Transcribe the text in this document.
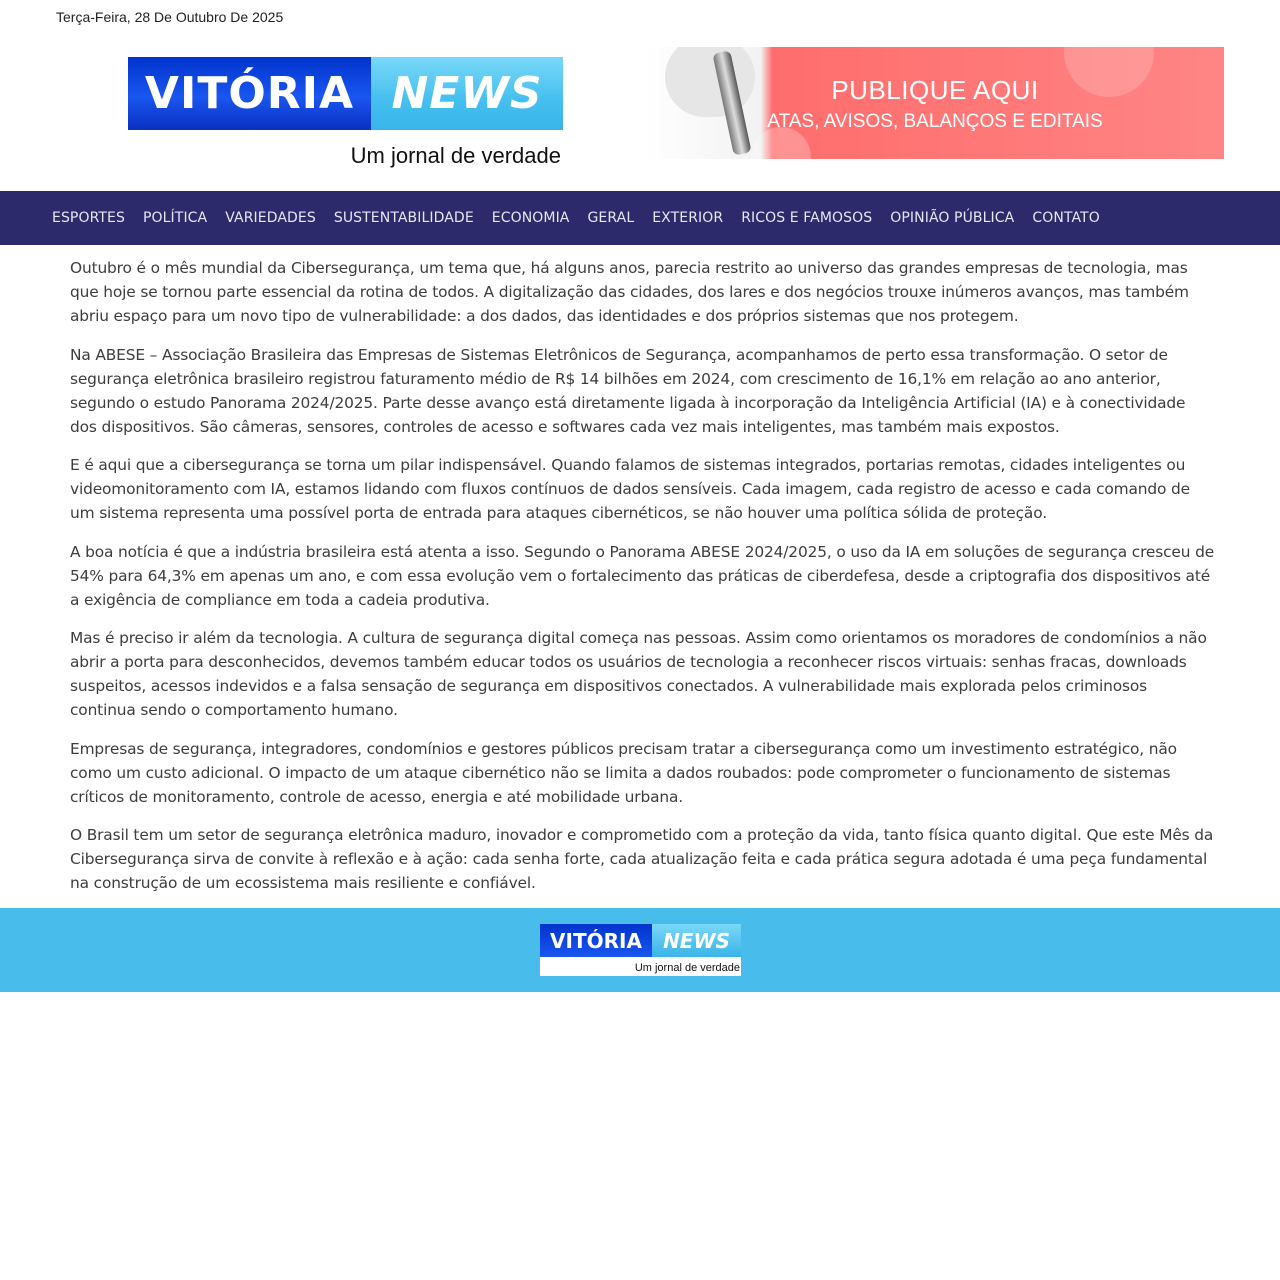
Terça-Feira, 28 De Outubro De 2025
VITÓRIA NEWS
Um jornal de verdade
PUBLIQUE AQUI
ATAS, AVISOS, BALANÇOS E EDITAIS
ESPORTES POLÍTICA VARIEDADES SUSTENTABILIDADE ECONOMIA GERAL EXTERIOR RICOS E FAMOSOS OPINIÃO PÚBLICA CONTATO

Outubro é o mês mundial da Cibersegurança, um tema que, há alguns anos, parecia restrito ao universo das grandes empresas de tecnologia, mas que hoje se tornou parte essencial da rotina de todos. A digitalização das cidades, dos lares e dos negócios trouxe inúmeros avanços, mas também abriu espaço para um novo tipo de vulnerabilidade: a dos dados, das identidades e dos próprios sistemas que nos protegem.

Na ABESE – Associação Brasileira das Empresas de Sistemas Eletrônicos de Segurança, acompanhamos de perto essa transformação. O setor de segurança eletrônica brasileiro registrou faturamento médio de R$ 14 bilhões em 2024, com crescimento de 16,1% em relação ao ano anterior, segundo o estudo Panorama 2024/2025. Parte desse avanço está diretamente ligada à incorporação da Inteligência Artificial (IA) e à conectividade dos dispositivos. São câmeras, sensores, controles de acesso e softwares cada vez mais inteligentes, mas também mais expostos.

E é aqui que a cibersegurança se torna um pilar indispensável. Quando falamos de sistemas integrados, portarias remotas, cidades inteligentes ou videomonitoramento com IA, estamos lidando com fluxos contínuos de dados sensíveis. Cada imagem, cada registro de acesso e cada comando de um sistema representa uma possível porta de entrada para ataques cibernéticos, se não houver uma política sólida de proteção.

A boa notícia é que a indústria brasileira está atenta a isso. Segundo o Panorama ABESE 2024/2025, o uso da IA em soluções de segurança cresceu de 54% para 64,3% em apenas um ano, e com essa evolução vem o fortalecimento das práticas de ciberdefesa, desde a criptografia dos dispositivos até a exigência de compliance em toda a cadeia produtiva.

Mas é preciso ir além da tecnologia. A cultura de segurança digital começa nas pessoas. Assim como orientamos os moradores de condomínios a não abrir a porta para desconhecidos, devemos também educar todos os usuários de tecnologia a reconhecer riscos virtuais: senhas fracas, downloads suspeitos, acessos indevidos e a falsa sensação de segurança em dispositivos conectados. A vulnerabilidade mais explorada pelos criminosos continua sendo o comportamento humano.

Empresas de segurança, integradores, condomínios e gestores públicos precisam tratar a cibersegurança como um investimento estratégico, não como um custo adicional. O impacto de um ataque cibernético não se limita a dados roubados: pode comprometer o funcionamento de sistemas críticos de monitoramento, controle de acesso, energia e até mobilidade urbana.

O Brasil tem um setor de segurança eletrônica maduro, inovador e comprometido com a proteção da vida, tanto física quanto digital. Que este Mês da Cibersegurança sirva de convite à reflexão e à ação: cada senha forte, cada atualização feita e cada prática segura adotada é uma peça fundamental na construção de um ecossistema mais resiliente e confiável.

VITÓRIA NEWS
Um jornal de verdade
